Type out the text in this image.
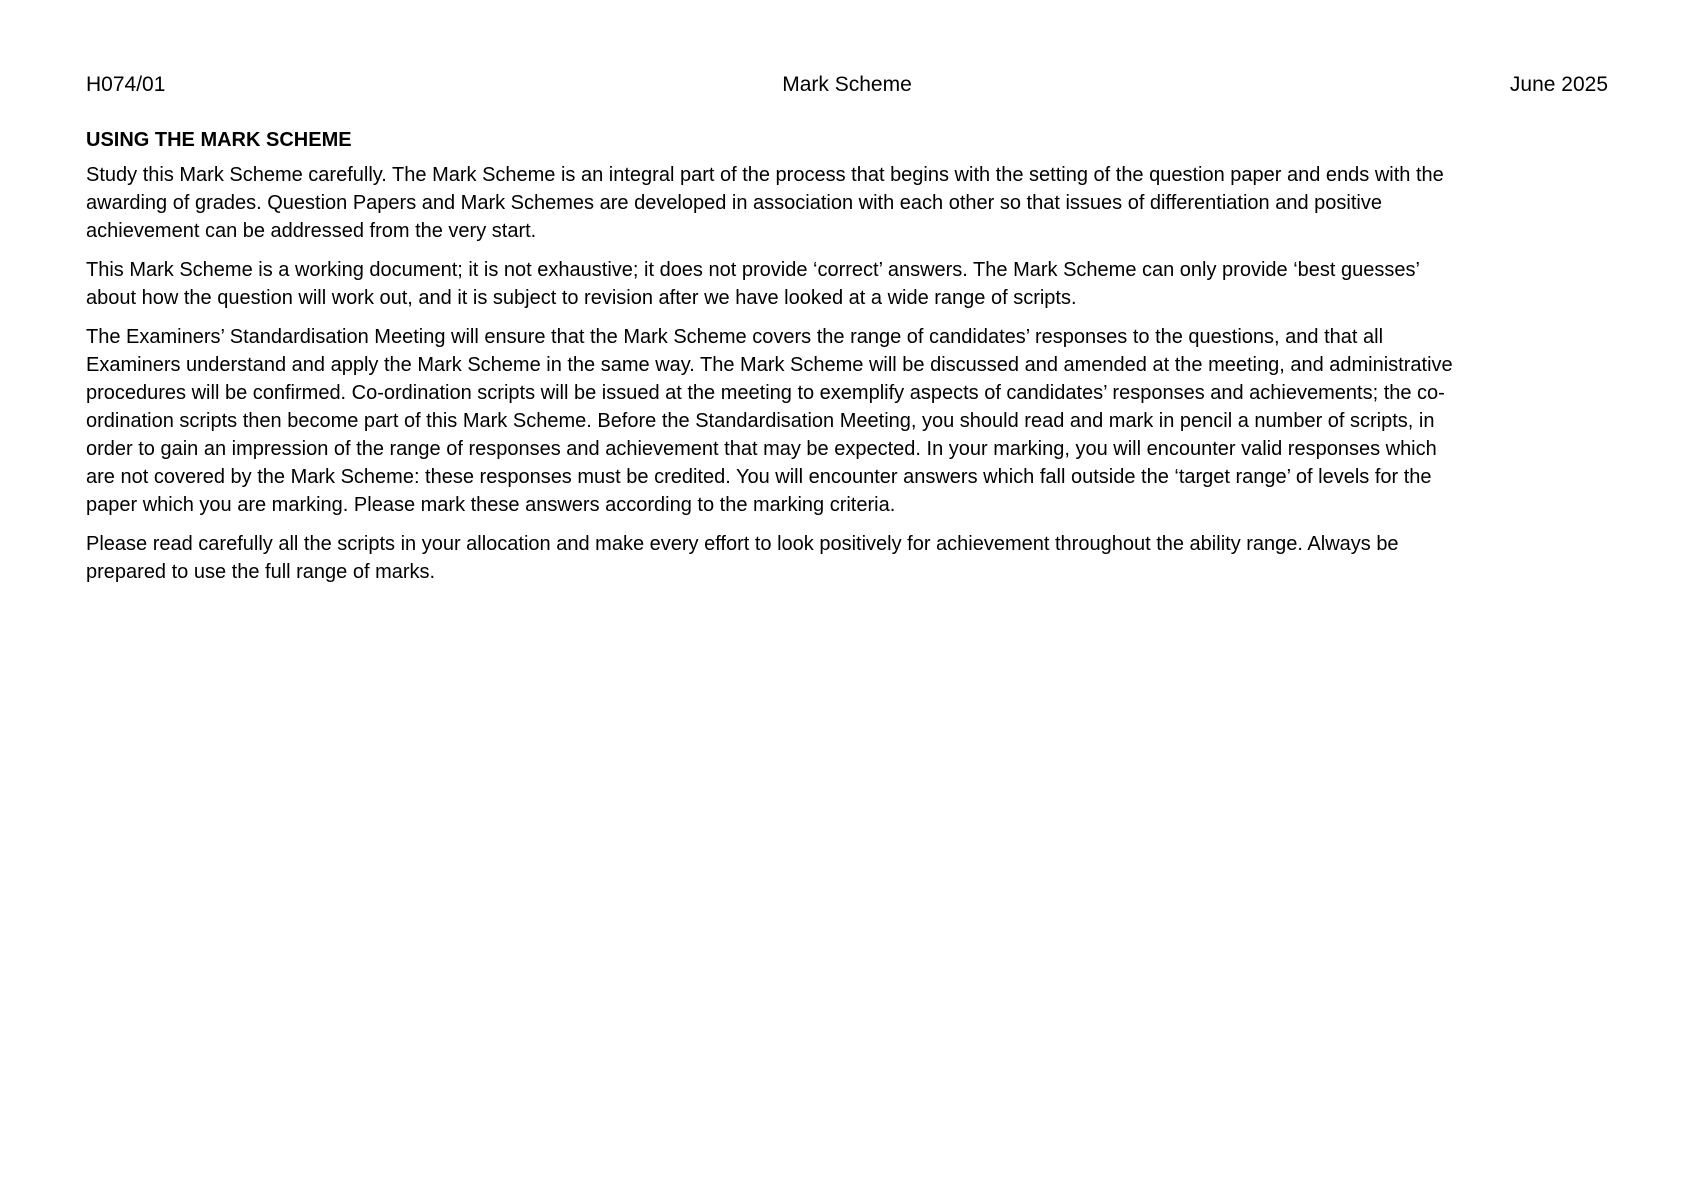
H074/01	Mark Scheme	June 2025
USING THE MARK SCHEME

Study this Mark Scheme carefully. The Mark Scheme is an integral part of the process that begins with the setting of the question paper and ends with the
awarding of grades. Question Papers and Mark Schemes are developed in association with each other so that issues of differentiation and positive
achievement can be addressed from the very start.

This Mark Scheme is a working document; it is not exhaustive; it does not provide ‘correct’ answers. The Mark Scheme can only provide ‘best guesses’
about how the question will work out, and it is subject to revision after we have looked at a wide range of scripts.

The Examiners’ Standardisation Meeting will ensure that the Mark Scheme covers the range of candidates’ responses to the questions, and that all
Examiners understand and apply the Mark Scheme in the same way. The Mark Scheme will be discussed and amended at the meeting, and administrative
procedures will be confirmed. Co-ordination scripts will be issued at the meeting to exemplify aspects of candidates’ responses and achievements; the co-
ordination scripts then become part of this Mark Scheme. Before the Standardisation Meeting, you should read and mark in pencil a number of scripts, in
order to gain an impression of the range of responses and achievement that may be expected. In your marking, you will encounter valid responses which
are not covered by the Mark Scheme: these responses must be credited. You will encounter answers which fall outside the ‘target range’ of levels for the
paper which you are marking. Please mark these answers according to the marking criteria.

Please read carefully all the scripts in your allocation and make every effort to look positively for achievement throughout the ability range. Always be
prepared to use the full range of marks.
